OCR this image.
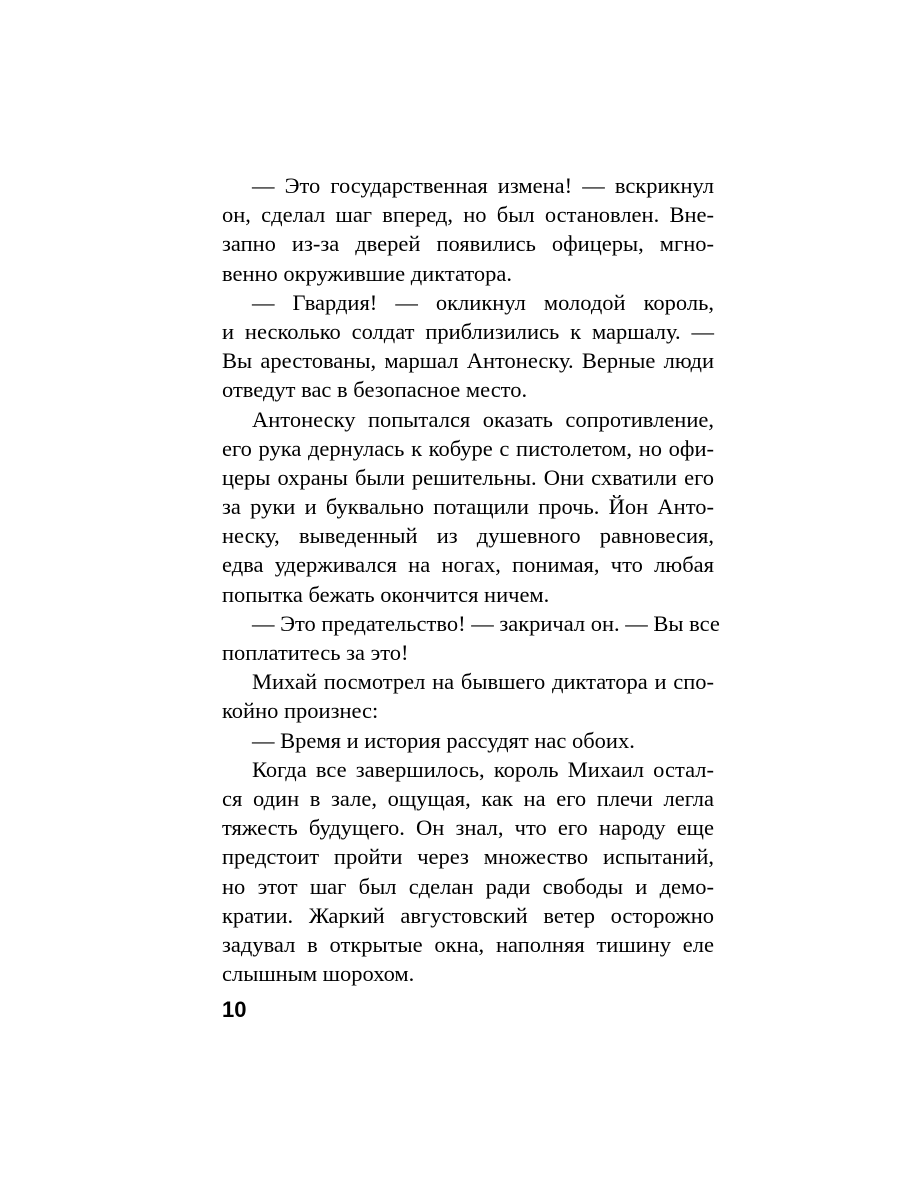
— Это государственная измена! — вскрикнул
он, сделал шаг вперед, но был остановлен. Вне-
запно из-за дверей появились офицеры, мгно-
венно окружившие диктатора.
— Гвардия! — окликнул молодой король,
и несколько солдат приблизились к маршалу. —
Вы арестованы, маршал Антонеску. Верные люди
отведут вас в безопасное место.
Антонеску попытался оказать сопротивление,
его рука дернулась к кобуре с пистолетом, но офи-
церы охраны были решительны. Они схватили его
за руки и буквально потащили прочь. Йон Анто-
неску, выведенный из душевного равновесия,
едва удерживался на ногах, понимая, что любая
попытка бежать окончится ничем.
— Это предательство! — закричал он. — Вы все
поплатитесь за это!
Михай посмотрел на бывшего диктатора и спо-
койно произнес:
— Время и история рассудят нас обоих.
Когда все завершилось, король Михаил остал-
ся один в зале, ощущая, как на его плечи легла
тяжесть будущего. Он знал, что его народу еще
предстоит пройти через множество испытаний,
но этот шаг был сделан ради свободы и демо-
кратии. Жаркий августовский ветер осторожно
задувал в открытые окна, наполняя тишину еле
слышным шорохом.
10
